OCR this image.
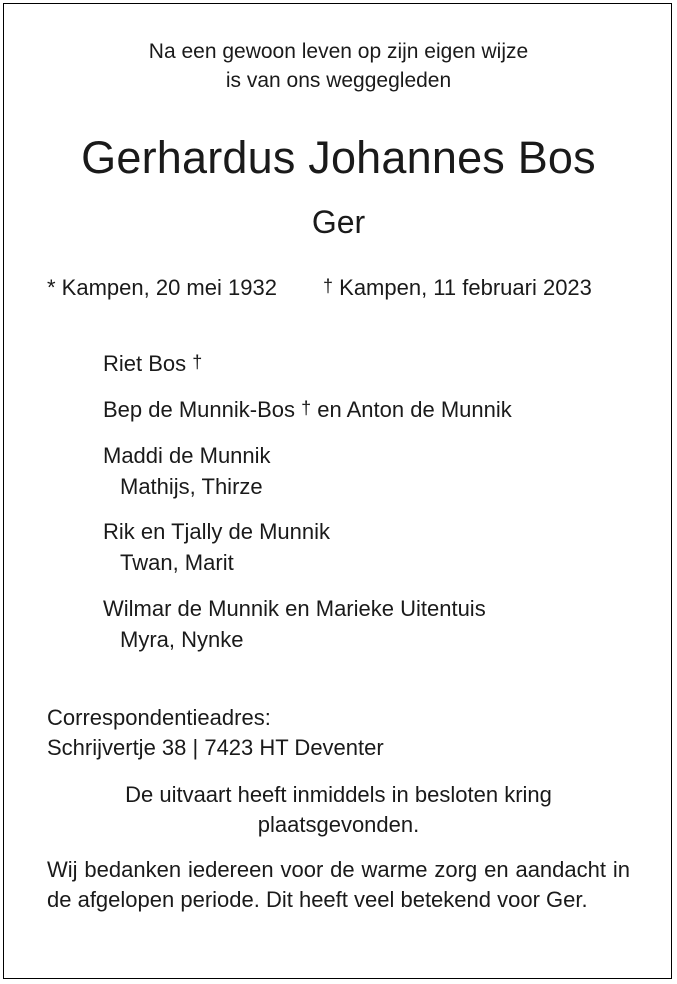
Na een gewoon leven op zijn eigen wijze
is van ons weggegleden
Gerhardus Johannes Bos
Ger
* Kampen, 20 mei 1932	† Kampen, 11 februari 2023
Riet Bos †
Bep de Munnik-Bos † en Anton de Munnik
Maddi de Munnik
Mathijs, Thirze
Rik en Tjally de Munnik
Twan, Marit
Wilmar de Munnik en Marieke Uitentuis
Myra, Nynke
Correspondentieadres:
Schrijvertje 38 | 7423 HT Deventer
De uitvaart heeft inmiddels in besloten kring
plaatsgevonden.
Wij bedanken iedereen voor de warme zorg en aandacht in de afgelopen periode. Dit heeft veel betekend voor Ger.
